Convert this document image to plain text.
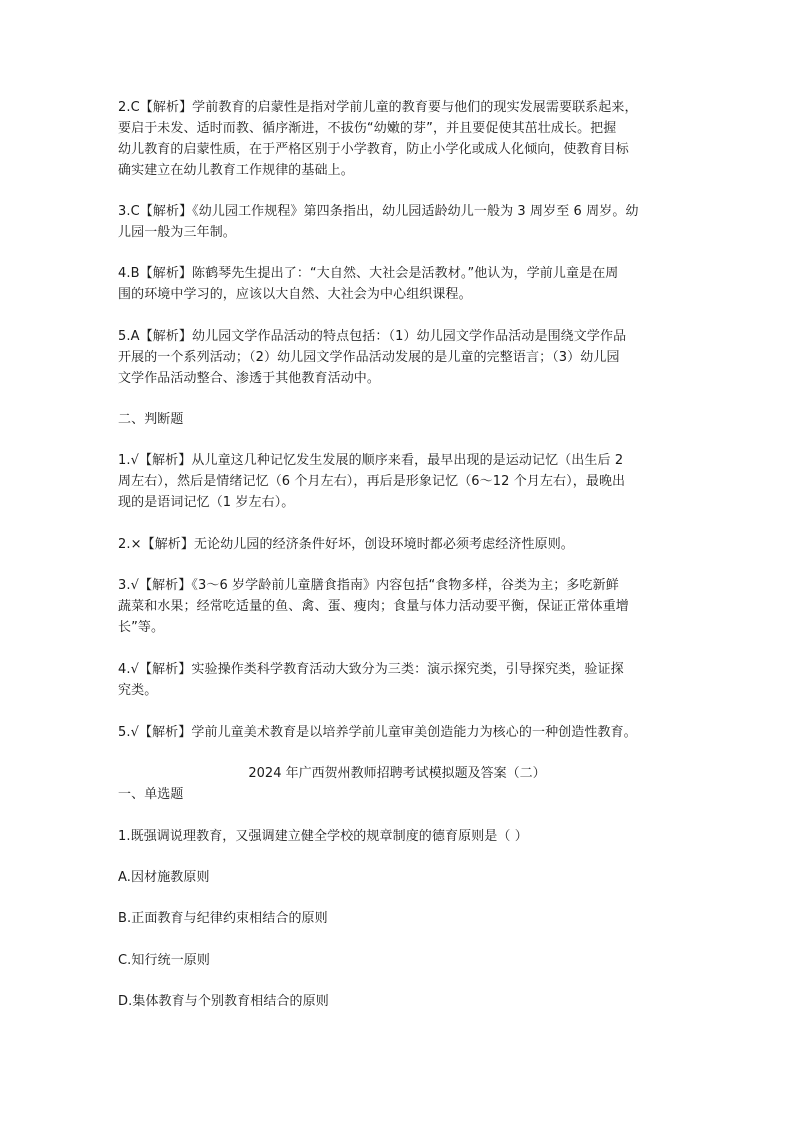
2.C【解析】学前教育的启蒙性是指对学前儿童的教育要与他们的现实发展需要联系起来，
要启于未发、适时而教、循序渐进，不拔伤“幼嫩的芽”，并且要促使其茁壮成长。把握
幼儿教育的启蒙性质，在于严格区别于小学教育，防止小学化或成人化倾向，使教育目标
确实建立在幼儿教育工作规律的基础上。

3.C【解析】《幼儿园工作规程》第四条指出，幼儿园适龄幼儿一般为 3 周岁至 6 周岁。幼
儿园一般为三年制。

4.B【解析】陈鹤琴先生提出了：“大自然、大社会是活教材。”他认为，学前儿童是在周
围的环境中学习的，应该以大自然、大社会为中心组织课程。

5.A【解析】幼儿园文学作品活动的特点包括：（1）幼儿园文学作品活动是围绕文学作品
开展的一个系列活动；（2）幼儿园文学作品活动发展的是儿童的完整语言；（3）幼儿园
文学作品活动整合、渗透于其他教育活动中。

二、判断题

1.√【解析】从儿童这几种记忆发生发展的顺序来看，最早出现的是运动记忆（出生后 2
周左右），然后是情绪记忆（6 个月左右），再后是形象记忆（6～12 个月左右），最晚出
现的是语词记忆（1 岁左右）。

2.×【解析】无论幼儿园的经济条件好坏，创设环境时都必须考虑经济性原则。

3.√【解析】《3～6 岁学龄前儿童膳食指南》内容包括“食物多样，谷类为主；多吃新鲜
蔬菜和水果；经常吃适量的鱼、禽、蛋、瘦肉；食量与体力活动要平衡，保证正常体重增
长”等。

4.√【解析】实验操作类科学教育活动大致分为三类：演示探究类，引导探究类，验证探
究类。

5.√【解析】学前儿童美术教育是以培养学前儿童审美创造能力为核心的一种创造性教育。

2024 年广西贺州教师招聘考试模拟题及答案（二）

一、单选题

1.既强调说理教育，又强调建立健全学校的规章制度的德育原则是（ ）

A.因材施教原则

B.正面教育与纪律约束相结合的原则

C.知行统一原则

D.集体教育与个别教育相结合的原则
